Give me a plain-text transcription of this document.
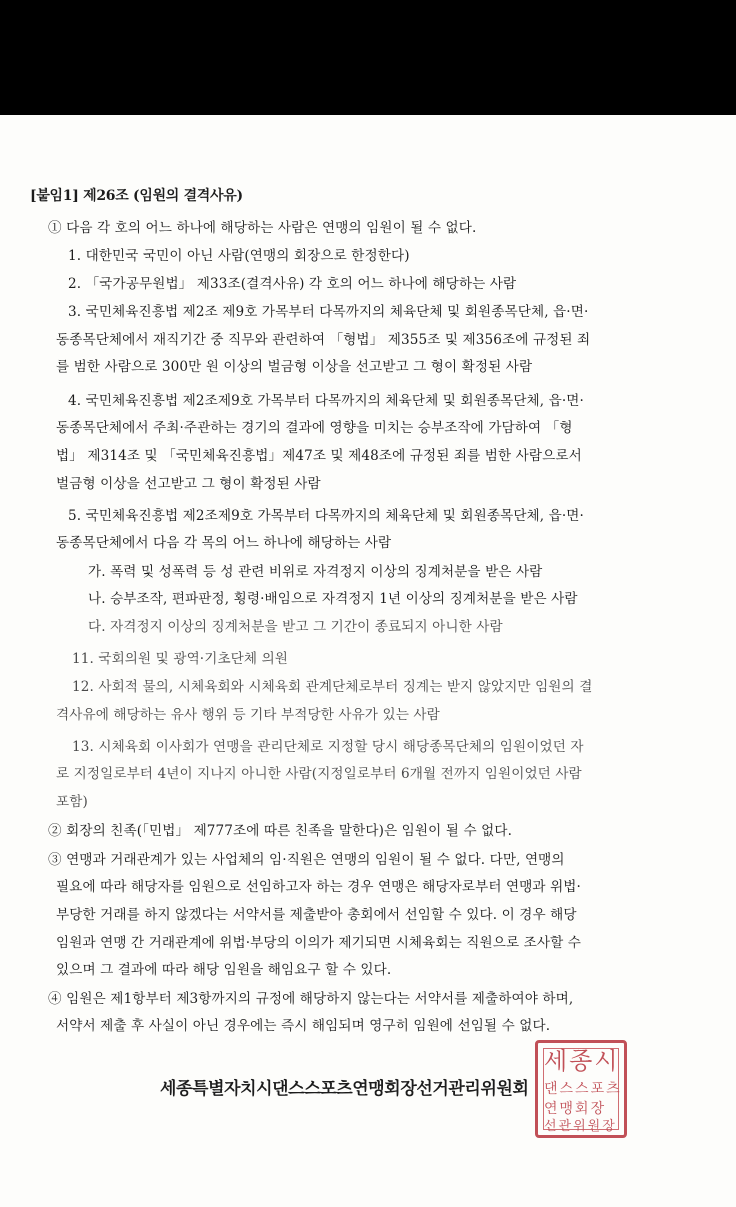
[붙임1] 제26조 (임원의 결격사유)
① 다음 각 호의 어느 하나에 해당하는 사람은 연맹의 임원이 될 수 없다.
1. 대한민국 국민이 아닌 사람(연맹의 회장으로 한정한다)
2. 「국가공무원법」 제33조(결격사유) 각 호의 어느 하나에 해당하는 사람
3. 국민체육진흥법 제2조 제9호 가목부터 다목까지의 체육단체 및 회원종목단체, 읍·면·
동종목단체에서 재직기간 중 직무와 관련하여 「형법」 제355조 및 제356조에 규정된 죄
를 범한 사람으로 300만 원 이상의 벌금형 이상을 선고받고 그 형이 확정된 사람
4. 국민체육진흥법 제2조제9호 가목부터 다목까지의 체육단체 및 회원종목단체, 읍·면·
동종목단체에서 주최·주관하는 경기의 결과에 영향을 미치는 승부조작에 가담하여 「형
법」 제314조 및 「국민체육진흥법」제47조 및 제48조에 규정된 죄를 범한 사람으로서
벌금형 이상을 선고받고 그 형이 확정된 사람
5. 국민체육진흥법 제2조제9호 가목부터 다목까지의 체육단체 및 회원종목단체, 읍·면·
동종목단체에서 다음 각 목의 어느 하나에 해당하는 사람
가. 폭력 및 성폭력 등 성 관련 비위로 자격정지 이상의 징계처분을 받은 사람
나. 승부조작, 편파판정, 횡령·배임으로 자격정지 1년 이상의 징계처분을 받은 사람
다. 자격정지 이상의 징계처분을 받고 그 기간이 종료되지 아니한 사람
11. 국회의원 및 광역·기초단체 의원
12. 사회적 물의, 시체육회와 시체육회 관계단체로부터 징계는 받지 않았지만 임원의 결
격사유에 해당하는 유사 행위 등 기타 부적당한 사유가 있는 사람
13. 시체육회 이사회가 연맹을 관리단체로 지정할 당시 해당종목단체의 임원이었던 자
로 지정일로부터 4년이 지나지 아니한 사람(지정일로부터 6개월 전까지 임원이었던 사람
포함)
② 회장의 친족(「민법」 제777조에 따른 친족을 말한다)은 임원이 될 수 없다.
③ 연맹과 거래관계가 있는 사업체의 임·직원은 연맹의 임원이 될 수 없다. 다만, 연맹의
필요에 따라 해당자를 임원으로 선임하고자 하는 경우 연맹은 해당자로부터 연맹과 위법·
부당한 거래를 하지 않겠다는 서약서를 제출받아 총회에서 선임할 수 있다. 이 경우 해당
임원과 연맹 간 거래관계에 위법·부당의 이의가 제기되면 시체육회는 직원으로 조사할 수
있으며 그 결과에 따라 해당 임원을 해임요구 할 수 있다.
④ 임원은 제1항부터 제3항까지의 규정에 해당하지 않는다는 서약서를 제출하여야 하며,
서약서 제출 후 사실이 아닌 경우에는 즉시 해임되며 영구히 임원에 선임될 수 없다.
세종특별자치시댄스스포츠연맹회장선거관리위원회
세종시
댄스스포츠
연맹회장
선관위원장
